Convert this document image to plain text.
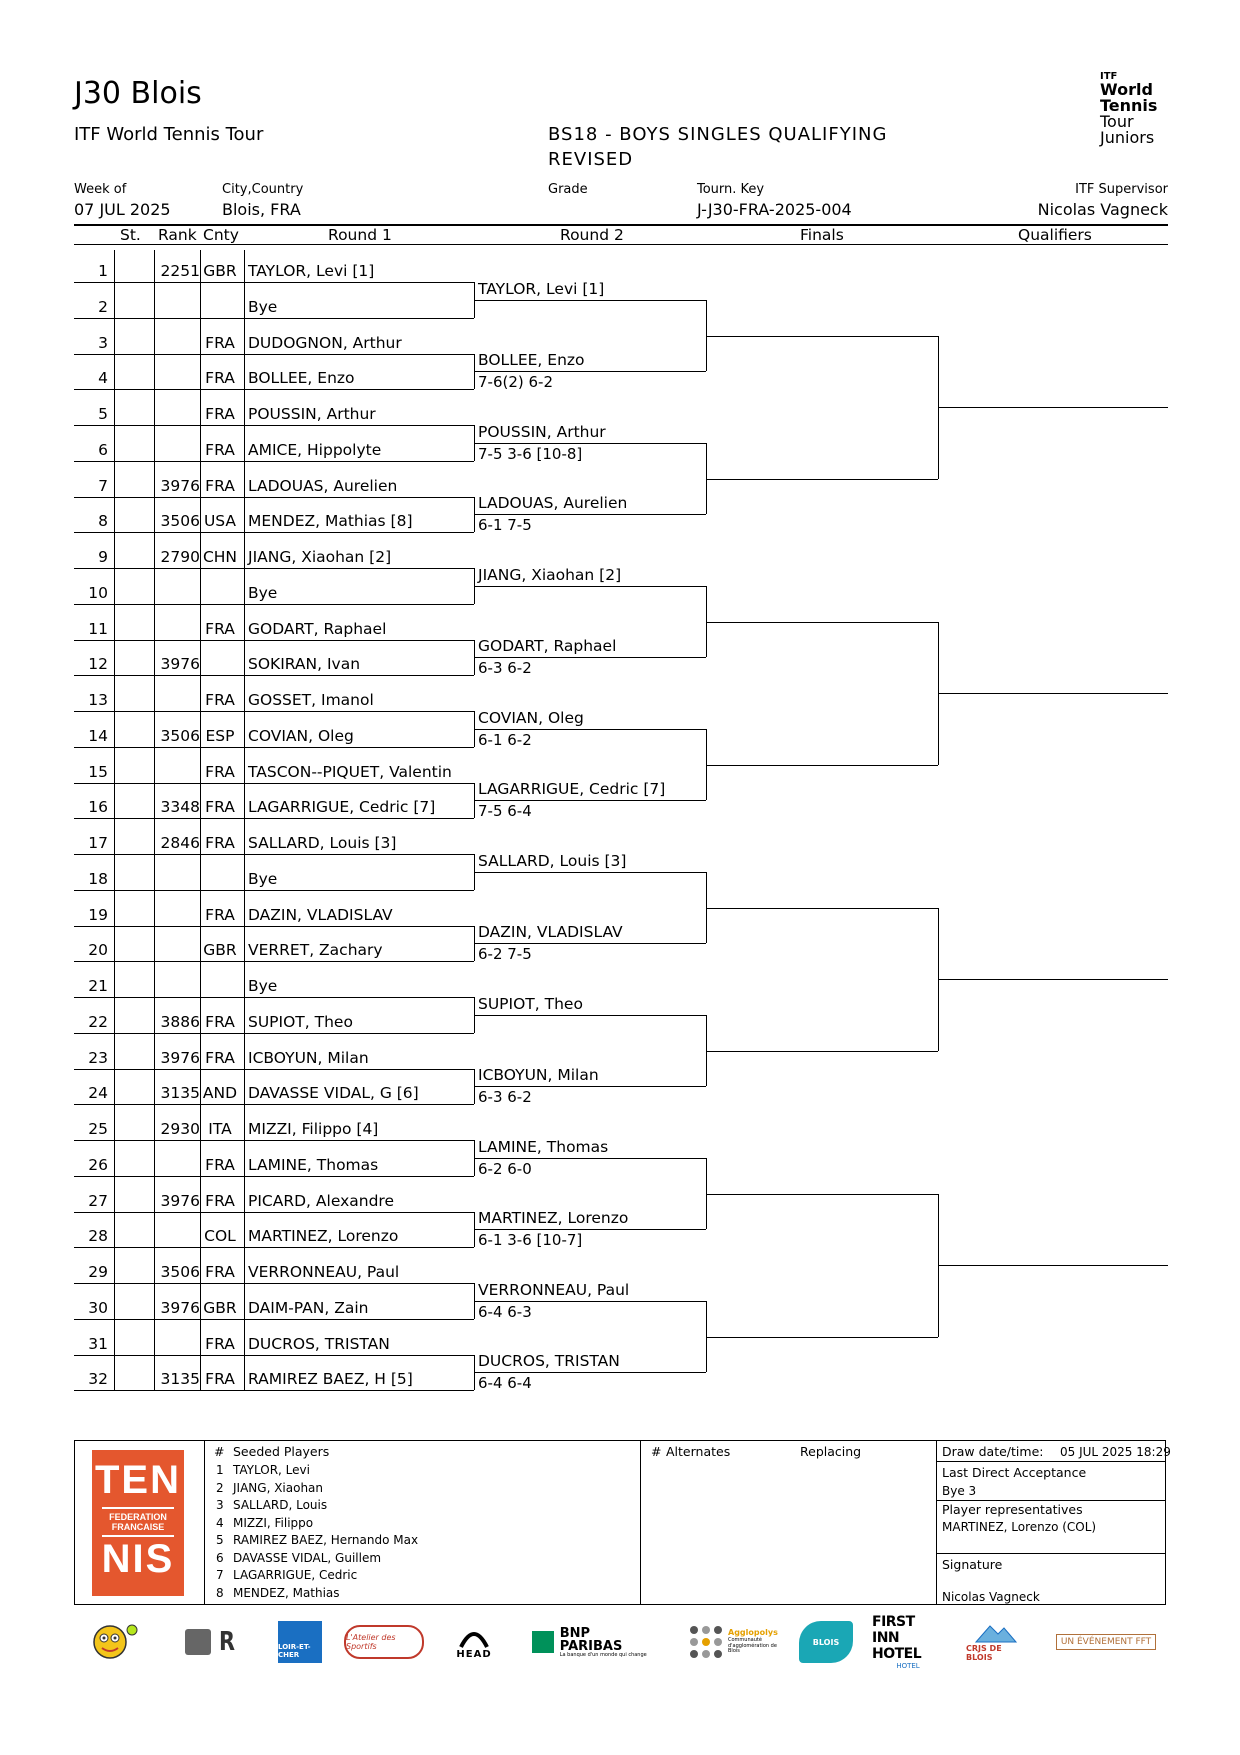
J30 Blois
ITF World Tennis Tour	BS18 - BOYS SINGLES QUALIFYING
REVISED
ITF
World
Tennis
Tour
Juniors
Week of
07 JUL 2025
City,Country
Blois, FRA
Grade	Tourn. Key
J-J30-FRA-2025-004
ITF Supervisor
Nicolas Vagneck
St. Rank Cnty	Round 1	Round 2	Finals	Qualifiers
1	2251 GBR TAYLOR, Levi [1]
2	Bye
3	FRA DUDOGNON, Arthur
4	FRA BOLLEE, Enzo
5	FRA POUSSIN, Arthur
6	FRA AMICE, Hippolyte
7	3976 FRA LADOUAS, Aurelien
8	3506 USA MENDEZ, Mathias [8]
9	2790 CHN JIANG, Xiaohan [2]
10	Bye
11	FRA GODART, Raphael
12	3976	SOKIRAN, Ivan
13	FRA GOSSET, Imanol
14	3506 ESP COVIAN, Oleg
15	FRA TASCON--PIQUET, Valentin
16	3348 FRA LAGARRIGUE, Cedric [7]
17	2846 FRA SALLARD, Louis [3]
18	Bye
19	FRA DAZIN, VLADISLAV
20	GBR VERRET, Zachary
21	Bye
22	3886 FRA SUPIOT, Theo
23	3976 FRA ICBOYUN, Milan
24	3135 AND DAVASSE VIDAL, G [6]
25	2930 ITA	MIZZI, Filippo [4]
26	FRA LAMINE, Thomas
27	3976 FRA PICARD, Alexandre
28	COL MARTINEZ, Lorenzo
29	3506 FRA VERRONNEAU, Paul
30	3976 GBR DAIM-PAN, Zain
31	FRA DUCROS, TRISTAN
32	3135 FRA RAMIREZ BAEZ, H [5]
TAYLOR, Levi [1]
BOLLEE, Enzo
7-6(2) 6-2
POUSSIN, Arthur
7-5 3-6 [10-8]
LADOUAS, Aurelien
6-1 7-5
JIANG, Xiaohan [2]
GODART, Raphael
6-3 6-2
COVIAN, Oleg
6-1 6-2
LAGARRIGUE, Cedric [7]
7-5 6-4
SALLARD, Louis [3]
DAZIN, VLADISLAV
6-2 7-5
SUPIOT, Theo
ICBOYUN, Milan
6-3 6-2
LAMINE, Thomas
6-2 6-0
MARTINEZ, Lorenzo
6-1 3-6 [10-7]
VERRONNEAU, Paul
6-4 6-3
DUCROS, TRISTAN
6-4 6-4
TEN
FEDERATION
FRANCAISE
NIS
# Seeded Players
1 TAYLOR, Levi
2 JIANG, Xiaohan
3 SALLARD, Louis
4 MIZZI, Filippo
5 RAMIREZ BAEZ, Hernando Max
6 DAVASSE VIDAL, Guillem
7 LAGARRIGUE, Cedric
8 MENDEZ, Mathias
# Alternates	Replacing	Draw date/time: 05 JUL 2025 18:29
Last Direct Acceptance
Bye 3
Player representatives
MARTINEZ, Lorenzo (COL)
Signature
Nicolas Vagneck
R	LOIR-ET-CHER
L'Atelier des Sportifs
HEAD
BNP PARIBAS
La banque d'un monde qui change
Agglopolys
Communauté d'agglomération de Blois
BLOIS
FIRST INN HOTEL
HOTEL
CRJS DE BLOIS
UN ÉVÉNEMENT FFT
